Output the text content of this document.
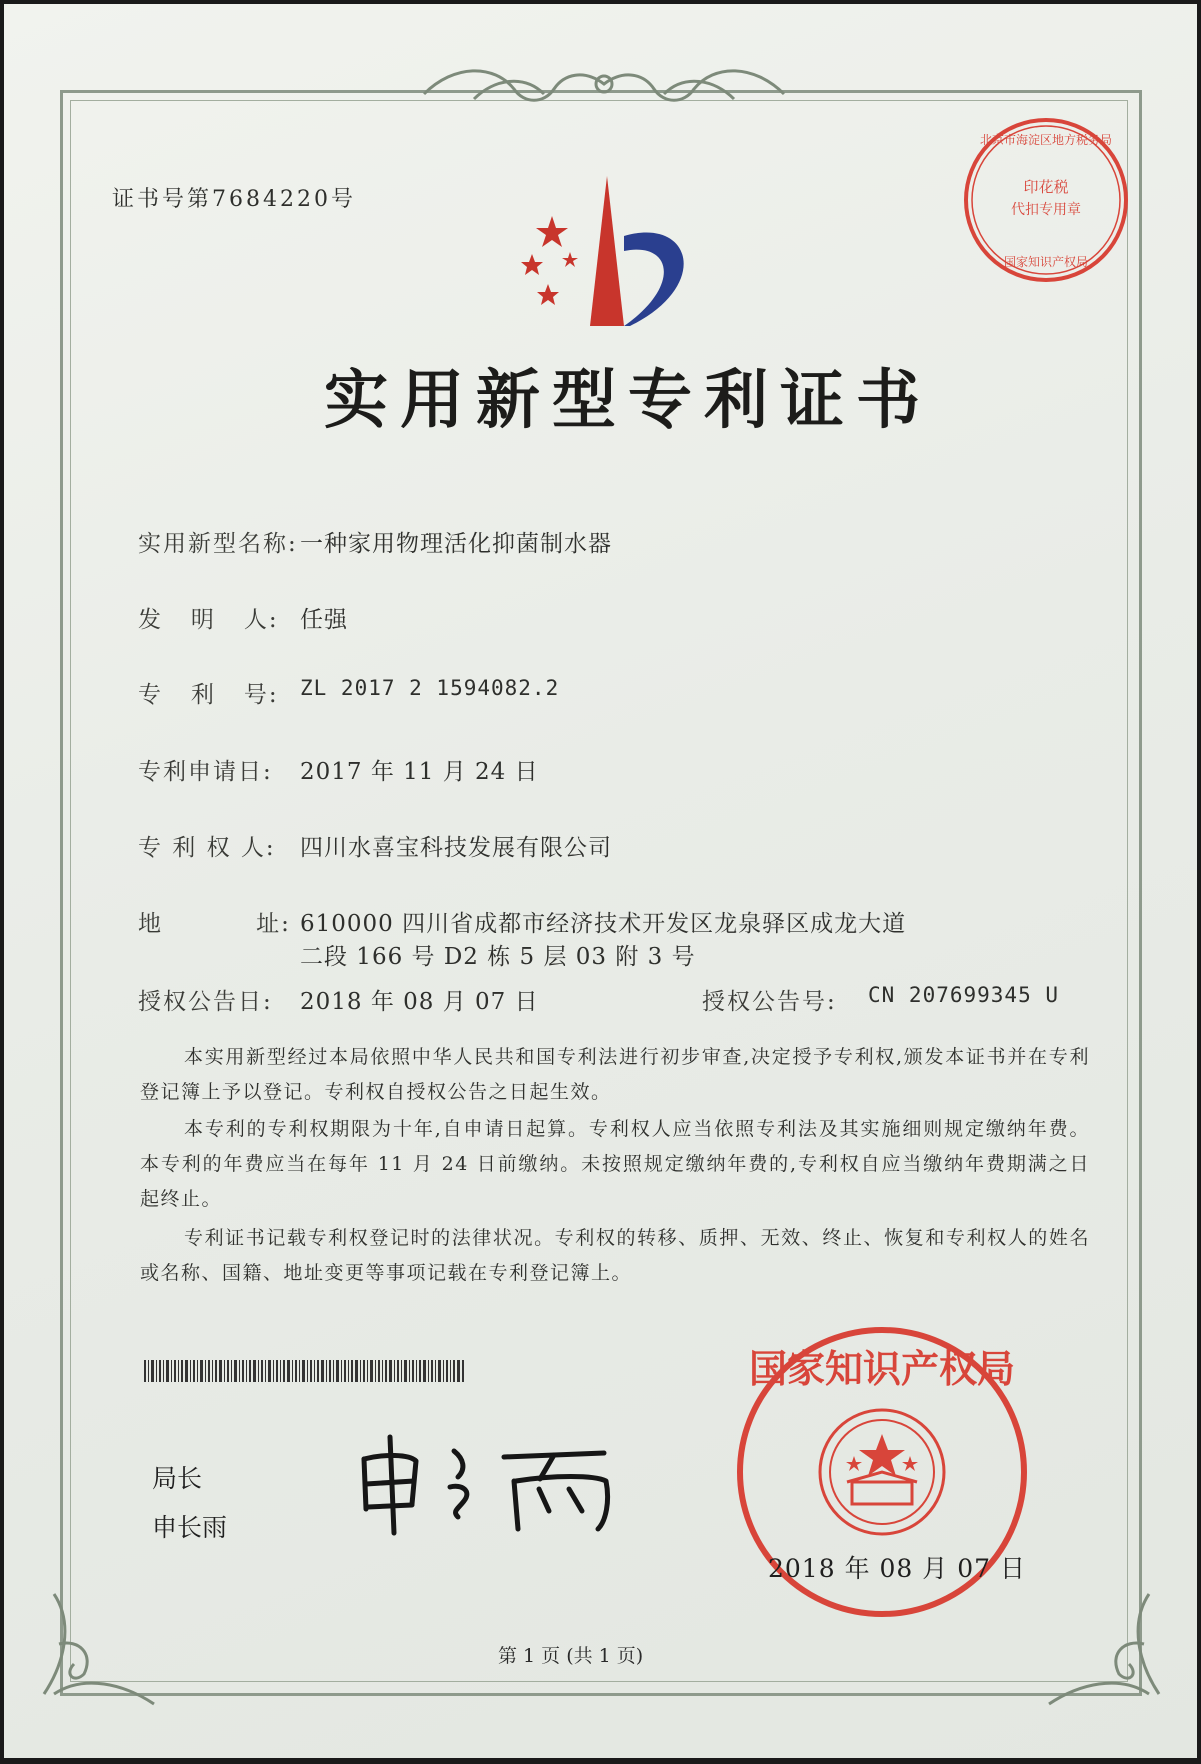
证书号第7684220号	印花税
代扣专用章
北京市海淀区地方税务局
国家知识产权局
实用新型专利证书
实用新型名称: 一种家用物理活化抑菌制水器
发   明   人: 任强
专   利   号: ZL 2017 2 1594082.2
专利申请日: 2017 年 11 月 24 日
专 利 权 人: 四川水喜宝科技发展有限公司
地          址: 610000 四川省成都市经济技术开发区龙泉驿区成龙大道
二段 166 号 D2 栋 5 层 03 附 3 号
授权公告日: 2018 年 08 月 07 日	授权公告号: CN 207699345 U
本实用新型经过本局依照中华人民共和国专利法进行初步审查,决定授予专利权,颁发本证书并在专利登记簿上予以登记。专利权自授权公告之日起生效。
本专利的专利权期限为十年,自申请日起算。专利权人应当依照专利法及其实施细则规定缴纳年费。本专利的年费应当在每年 11 月 24 日前缴纳。未按照规定缴纳年费的,专利权自应当缴纳年费期满之日起终止。
专利证书记载专利权登记时的法律状况。专利权的转移、质押、无效、终止、恢复和专利权人的姓名或名称、国籍、地址变更等事项记载在专利登记簿上。
局长
申长雨
国家知识产权局
2018 年 08 月 07 日
第 1 页 (共 1 页)
